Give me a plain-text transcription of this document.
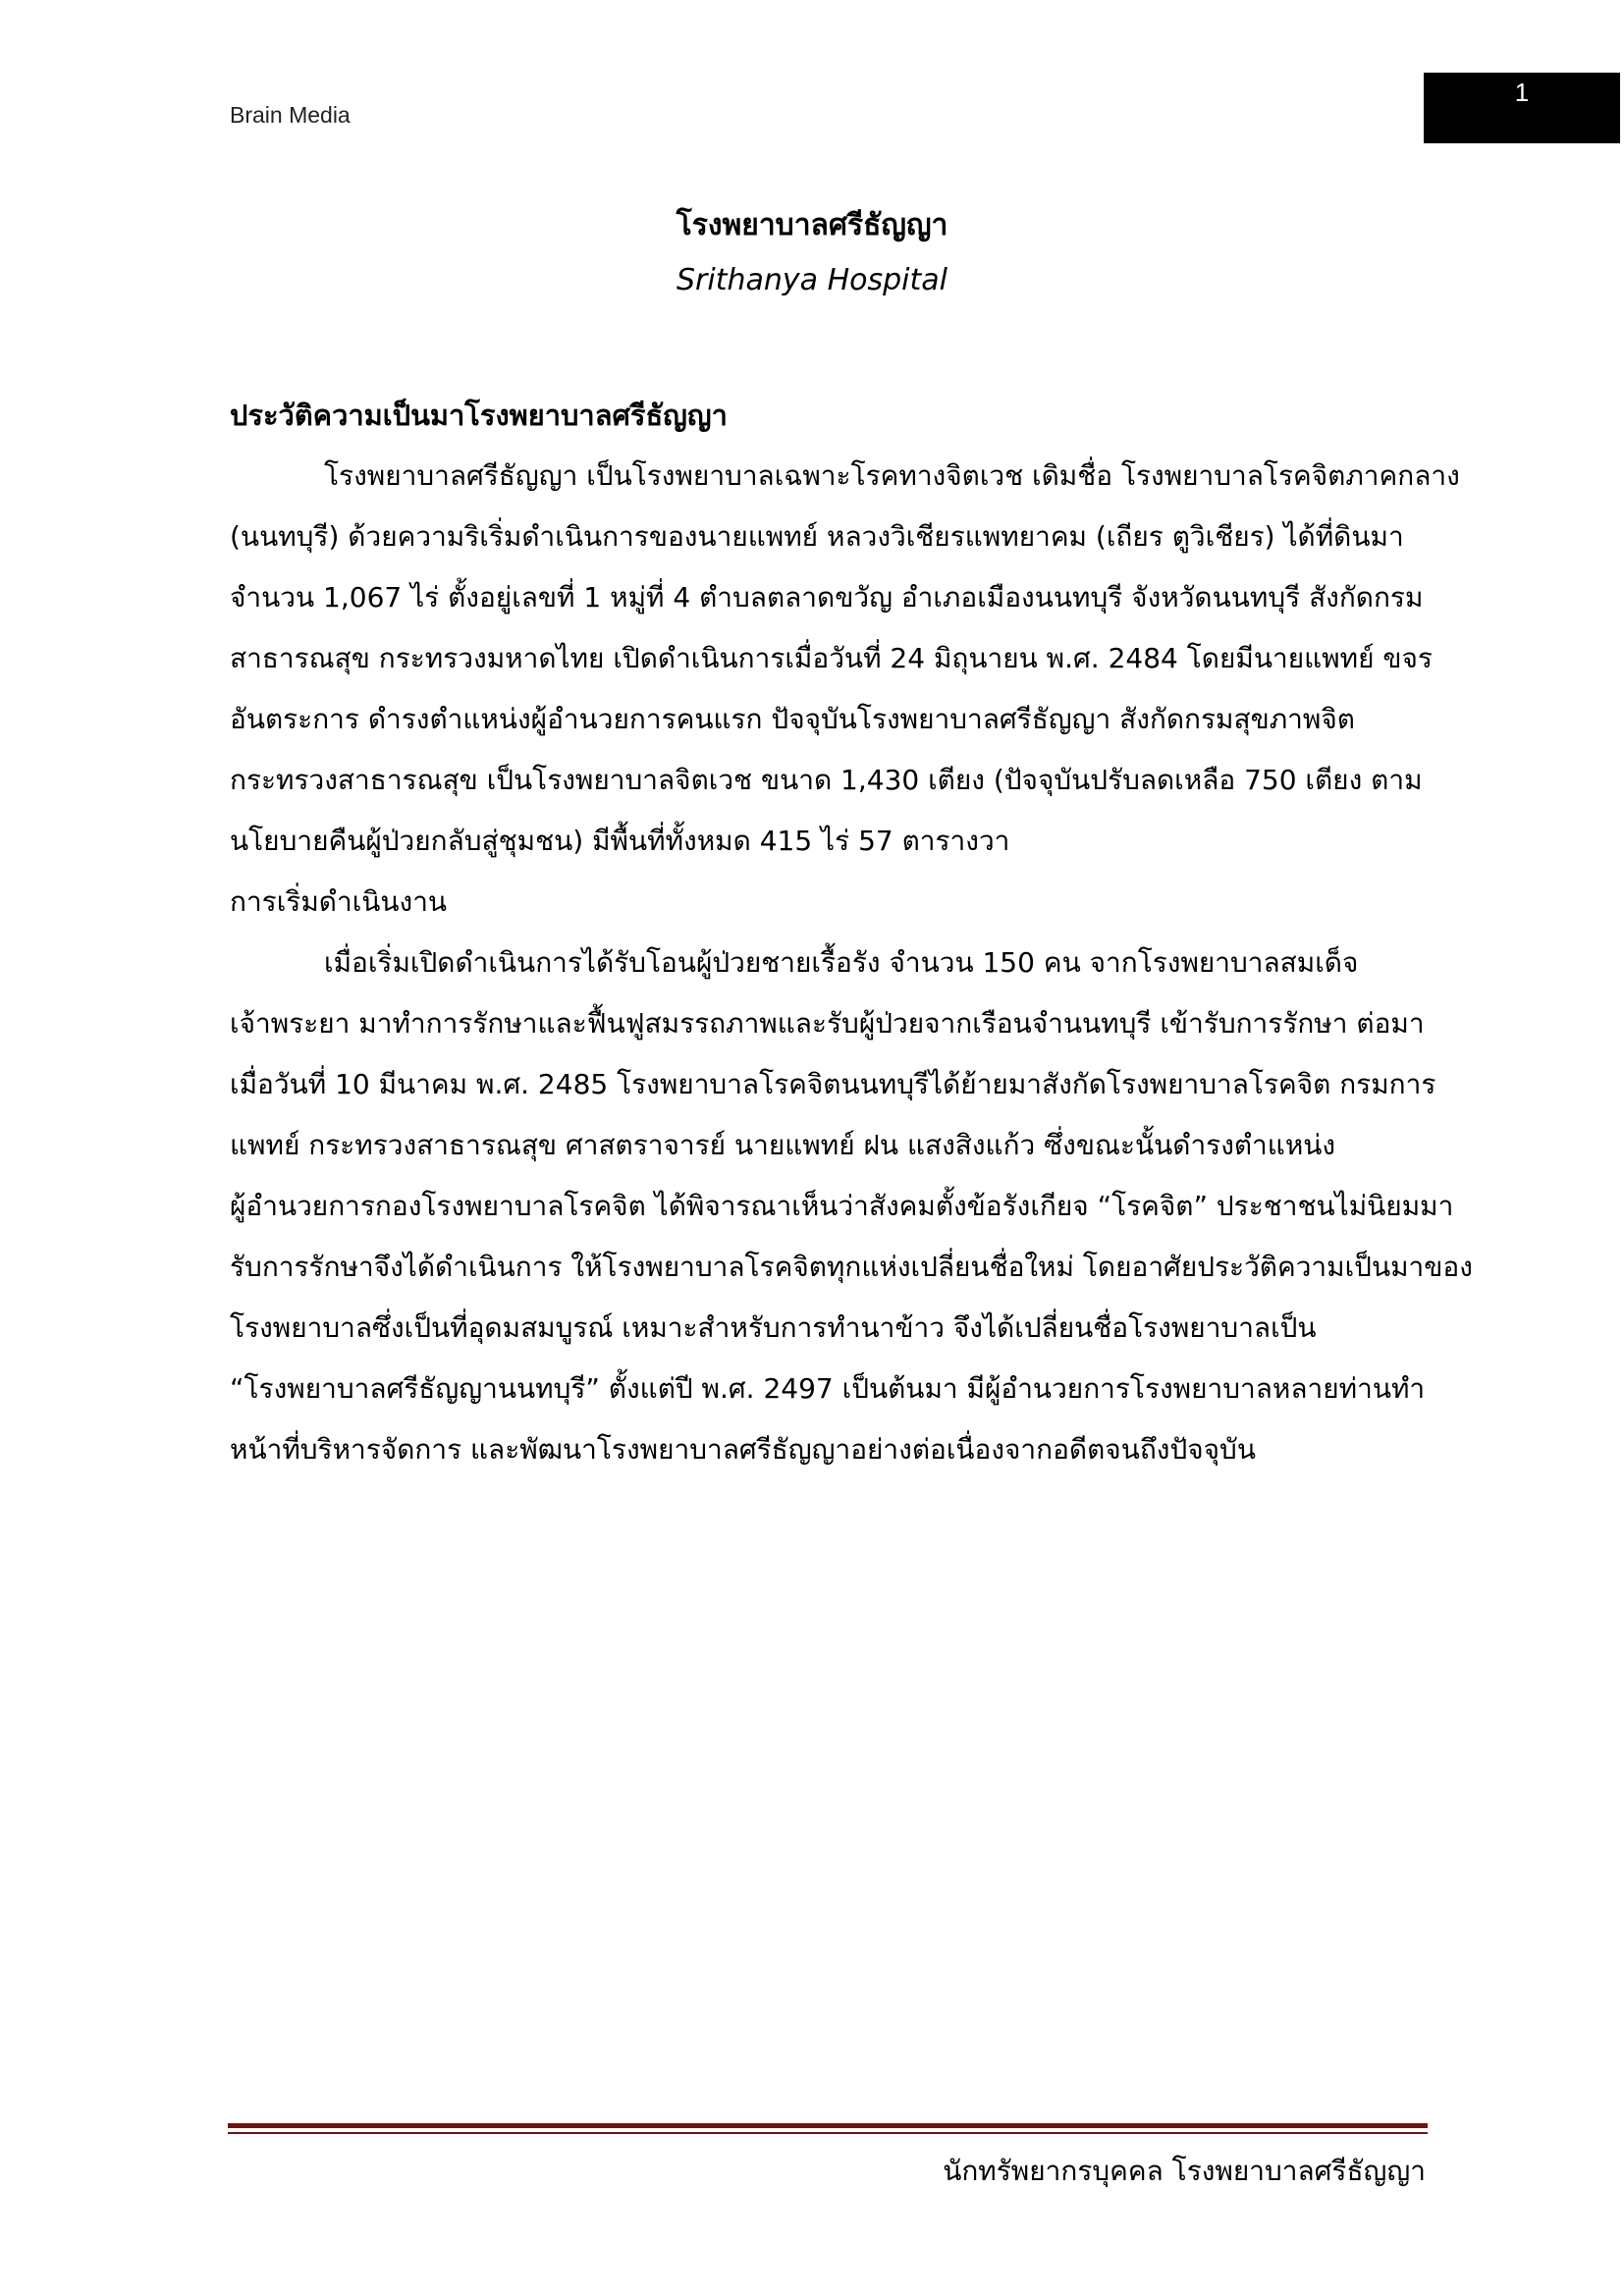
Brain Media
1
โรงพยาบาลศรีธัญญา
Srithanya Hospital
ประวัติความเป็นมาโรงพยาบาลศรีธัญญา
โรงพยาบาลศรีธัญญา เป็นโรงพยาบาลเฉพาะโรคทางจิตเวช เดิมชื่อ โรงพยาบาลโรคจิตภาคกลาง
(นนทบุรี) ด้วยความริเริ่มดำเนินการของนายแพทย์ หลวงวิเชียรแพทยาคม (เถียร ตูวิเชียร) ได้ที่ดินมา
จำนวน 1,067 ไร่ ตั้งอยู่เลขที่ 1 หมู่ที่ 4 ตำบลตลาดขวัญ อำเภอเมืองนนทบุรี จังหวัดนนทบุรี สังกัดกรม
สาธารณสุข กระทรวงมหาดไทย เปิดดำเนินการเมื่อวันที่ 24 มิถุนายน พ.ศ. 2484 โดยมีนายแพทย์ ขจร
อันตระการ ดำรงตำแหน่งผู้อำนวยการคนแรก ปัจจุบันโรงพยาบาลศรีธัญญา สังกัดกรมสุขภาพจิต
กระทรวงสาธารณสุข เป็นโรงพยาบาลจิตเวช ขนาด 1,430 เตียง (ปัจจุบันปรับลดเหลือ 750 เตียง ตาม
นโยบายคืนผู้ป่วยกลับสู่ชุมชน) มีพื้นที่ทั้งหมด 415 ไร่ 57 ตารางวา
การเริ่มดำเนินงาน
เมื่อเริ่มเปิดดำเนินการได้รับโอนผู้ป่วยชายเรื้อรัง จำนวน 150 คน จากโรงพยาบาลสมเด็จ
เจ้าพระยา มาทำการรักษาและฟื้นฟูสมรรถภาพและรับผู้ป่วยจากเรือนจำนนทบุรี เข้ารับการรักษา ต่อมา
เมื่อวันที่ 10 มีนาคม พ.ศ. 2485 โรงพยาบาลโรคจิตนนทบุรีได้ย้ายมาสังกัดโรงพยาบาลโรคจิต กรมการ
แพทย์ กระทรวงสาธารณสุข ศาสตราจารย์ นายแพทย์ ฝน แสงสิงแก้ว ซึ่งขณะนั้นดำรงตำแหน่ง
ผู้อำนวยการกองโรงพยาบาลโรคจิต ได้พิจารณาเห็นว่าสังคมตั้งข้อรังเกียจ “โรคจิต” ประชาชนไม่นิยมมา
รับการรักษาจึงได้ดำเนินการ ให้โรงพยาบาลโรคจิตทุกแห่งเปลี่ยนชื่อใหม่ โดยอาศัยประวัติความเป็นมาของ
โรงพยาบาลซึ่งเป็นที่อุดมสมบูรณ์ เหมาะสำหรับการทำนาข้าว จึงได้เปลี่ยนชื่อโรงพยาบาลเป็น
“โรงพยาบาลศรีธัญญานนทบุรี” ตั้งแต่ปี พ.ศ. 2497 เป็นต้นมา มีผู้อำนวยการโรงพยาบาลหลายท่านทำ
หน้าที่บริหารจัดการ และพัฒนาโรงพยาบาลศรีธัญญาอย่างต่อเนื่องจากอดีตจนถึงปัจจุบัน
นักทรัพยากรบุคคล โรงพยาบาลศรีธัญญา
